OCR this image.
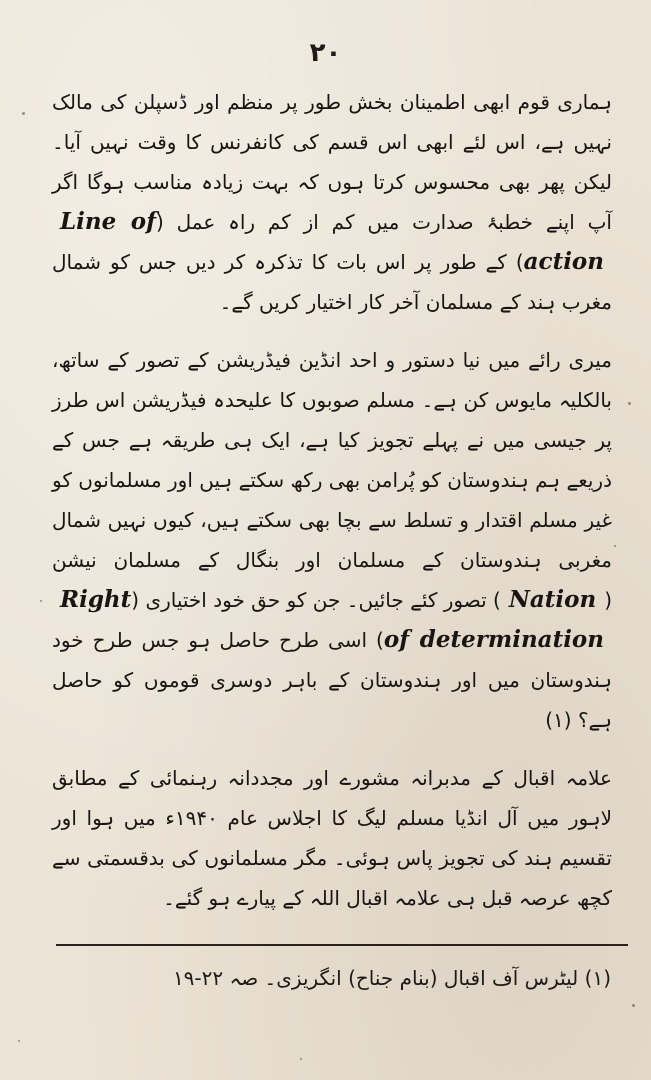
۲۰

ہماری قوم ابھی اطمینان بخش طور پر منظم اور ڈسپلن کی مالک نہیں ہے، اس لئے ابھی اس قسم کی کانفرنس کا وقت نہیں آیا۔ لیکن پھر بھی محسوس کرتا ہوں کہ بہت زیادہ مناسب ہوگا اگر آپ اپنے خطبۂ صدارت میں کم از کم راہ عمل (Line of action) کے طور پر اس بات کا تذکرہ کر دیں جس کو شمال مغرب ہند کے مسلمان آخر کار اختیار کریں گے۔

میری رائے میں نیا دستور و احد انڈین فیڈریشن کے تصور کے ساتھ، بالکلیہ مایوس کن ہے۔ مسلم صوبوں کا علیحدہ فیڈریشن اس طرز پر جیسی میں نے پہلے تجویز کیا ہے، ایک ہی طریقہ ہے جس کے ذریعے ہم ہندوستان کو پُرامن بھی رکھ سکتے ہیں اور مسلمانوں کو غیر مسلم اقتدار و تسلط سے بچا بھی سکتے ہیں، کیوں نہیں شمال مغربی ہندوستان کے مسلمان اور بنگال کے مسلمان نیشن (Nation) تصور کئے جائیں۔ جن کو حق خود اختیاری (Right of determination) اسی طرح حاصل ہو جس طرح خود ہندوستان میں اور ہندوستان کے باہر دوسری قوموں کو حاصل ہے؟ (۱)

علامہ اقبال کے مدبرانہ مشورے اور مجددانہ رہنمائی کے مطابق لاہور میں آل انڈیا مسلم لیگ کا اجلاس عام ۱۹۴۰ء میں ہوا اور تقسیم ہند کی تجویز پاس ہوئی۔ مگر مسلمانوں کی بدقسمتی سے کچھ عرصہ قبل ہی علامہ اقبال اللہ کے پیارے ہو گئے۔

(۱) لیٹرس آف اقبال (بنام جناح) انگریزی۔ صہ ۲۲-۱۹
